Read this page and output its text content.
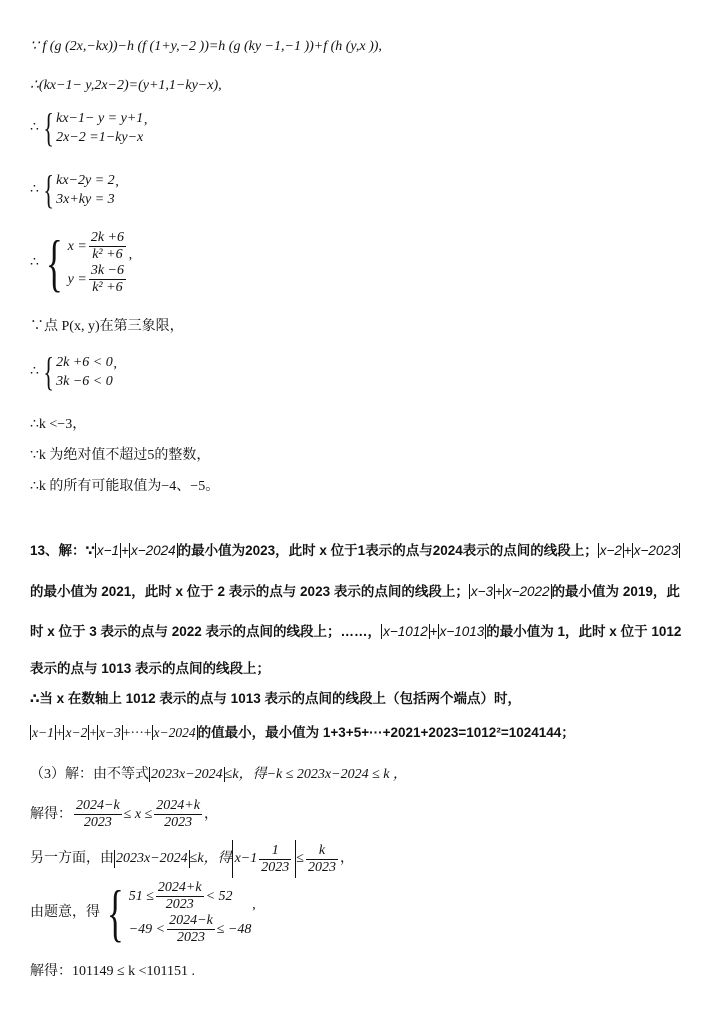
∵ f (g (2x,−kx))−h (f (1+y,−2 ))=h (g (ky −1,−1 ))+f (h (y,x )),
∴(kx−1− y,2x−2)=(y+1,1−ky−x),
∴ { kx−1− y = y+1
2x−2 =1−ky−x
’
∴ { kx−2y = 2
3x+ky = 3
’
∴ { $x = \frac{2k +6}{\text{k² +6}}$
$y = \frac{3k -6}{\text{k² +6}}$
’
∵点 P(x, y)在第三象限，
∴ { 2k +6 < 0
3k −6 < 0
’
∴k <−3，
∵k 为绝对值不超过5的整数，
∴k 的所有可能取值为−4、−5。
13、解：∵ x−1 + x−2024 的最小值为2023，此时 x 位于1表示的点与2024表示的点间的线段上； x−2 + x−2023
的最小值为 2021，此时 x 位于 2 表示的点与 2023 表示的点间的线段上； x−3 + x−2022 的最小值为 2019，此
时 x 位于 3 表示的点与 2022 表示的点间的线段上；……， x−1012 + x−1013 的最小值为 1，此时 x 位于 1012
表示的点与 1013 表示的点间的线段上；
∴当 x 在数轴上 1012 表示的点与 1013 表示的点间的线段上（包括两个端点）时，
x−1 + x−2 + x−3 +···+ x−2024 的值最小，最小值为 1+3+5+···+2021+2023=1012²=1024144；
（3）解：由不等式 2023x−2024 ≤k，得−k ≤ 2023x−2024 ≤ k ，
解得： $\frac{2024-k}{2023} \le x \le \frac{2024+k}{2023}$ ，
另一方面，由 2023x−2024 ≤k，得 $x-1 \frac{1}{2023} \le \frac{k}{2023}$ ，
由题意，得 { $51 \le \frac{2024+k}{2023} < 52$
$-49 < \frac{2024-k}{2023} \le -48$
’
解得：101149 ≤ k <101151 .
